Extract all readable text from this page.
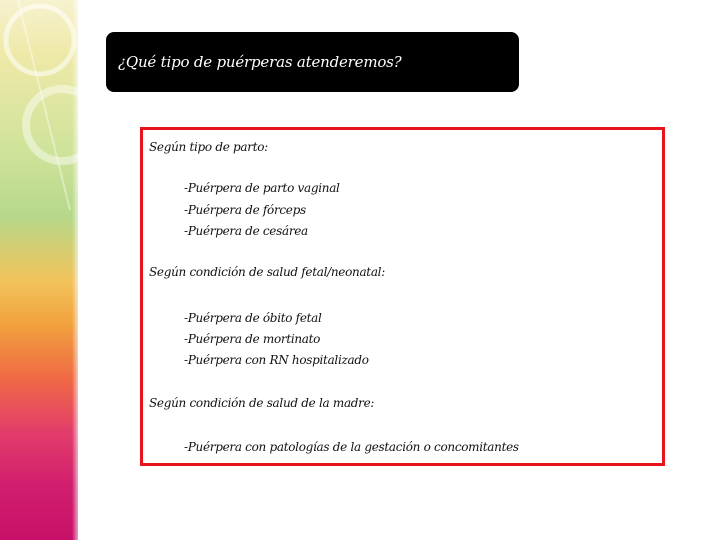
¿Qué tipo de puérperas atenderemos?
Según tipo de parto:
-Puérpera de parto vaginal
-Puérpera de fórceps
-Puérpera de cesárea
Según condición de salud fetal/neonatal:
-Puérpera de óbito fetal
-Puérpera de mortinato
-Puérpera con RN hospitalizado
Según condición de salud de la madre:
-Puérpera con patologías de la gestación o concomitantes
